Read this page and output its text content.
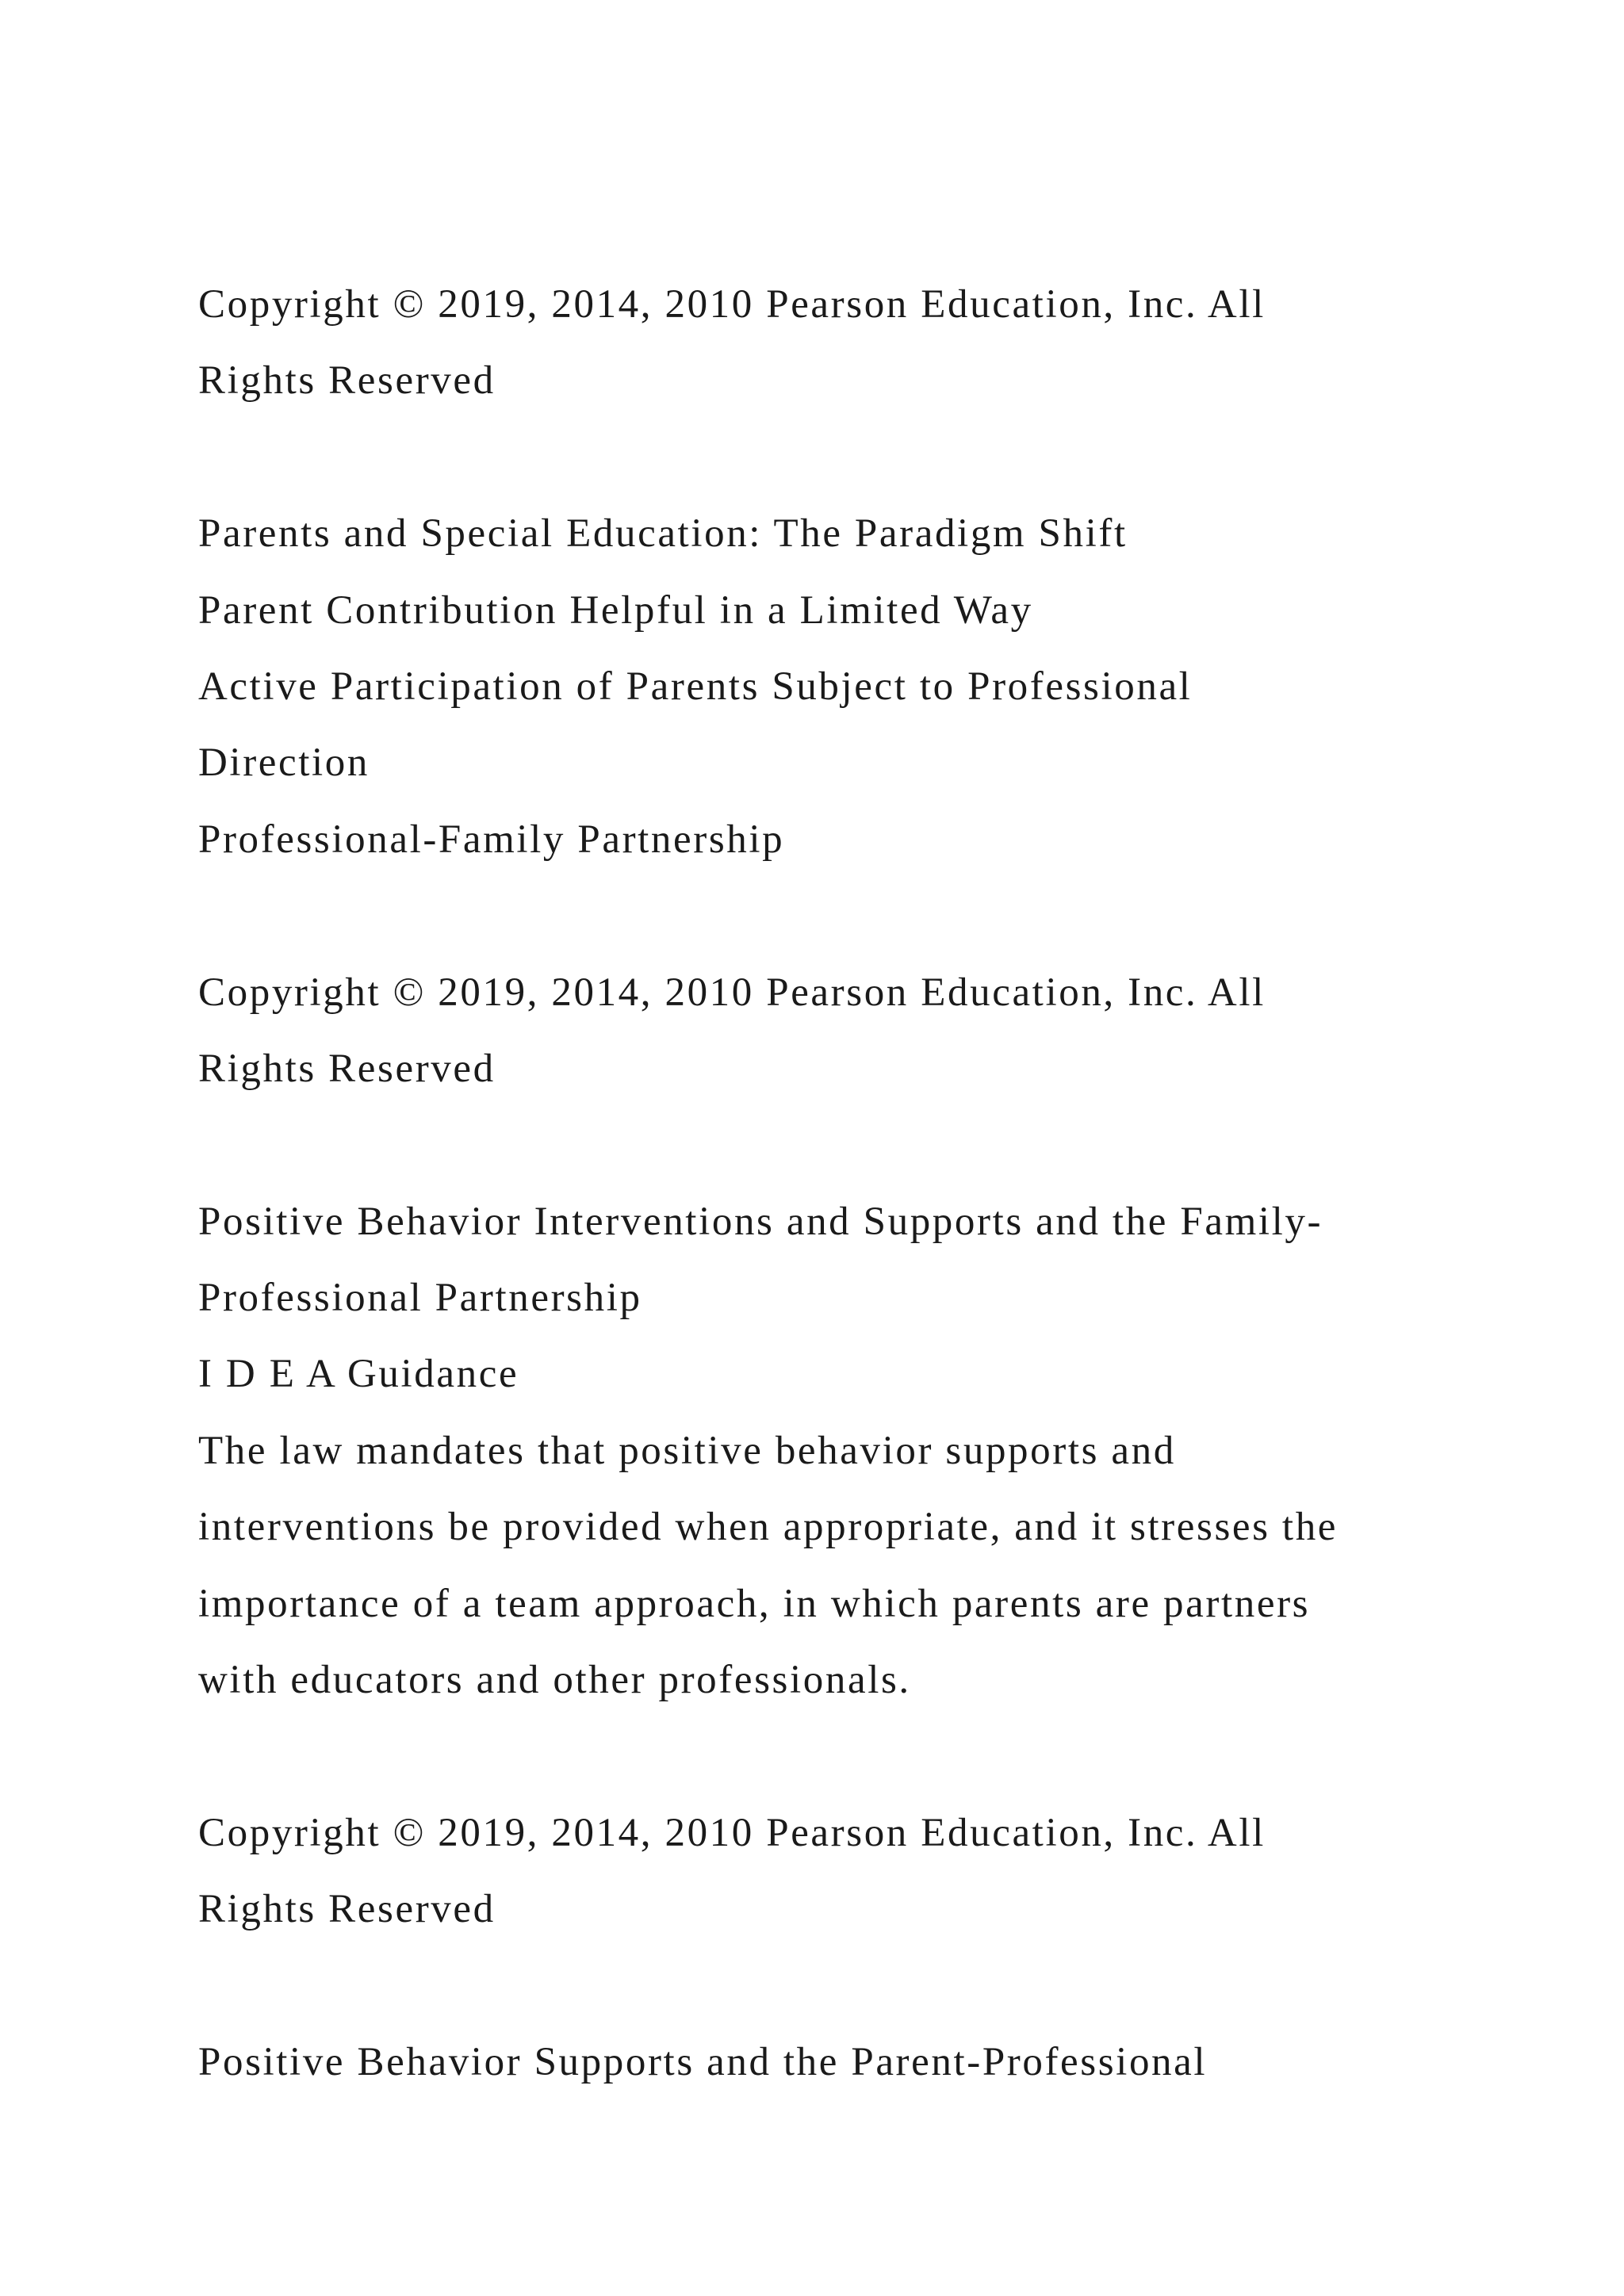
Copyright © 2019, 2014, 2010 Pearson Education, Inc. All
Rights Reserved
Parents and Special Education: The Paradigm Shift
Parent Contribution Helpful in a Limited Way
Active Participation of Parents Subject to Professional
Direction
Professional-Family Partnership
Copyright © 2019, 2014, 2010 Pearson Education, Inc. All
Rights Reserved
Positive Behavior Interventions and Supports and the Family-
Professional Partnership
I D E A Guidance
The law mandates that positive behavior supports and
interventions be provided when appropriate, and it stresses the
importance of a team approach, in which parents are partners
with educators and other professionals.
Copyright © 2019, 2014, 2010 Pearson Education, Inc. All
Rights Reserved
Positive Behavior Supports and the Parent-Professional
